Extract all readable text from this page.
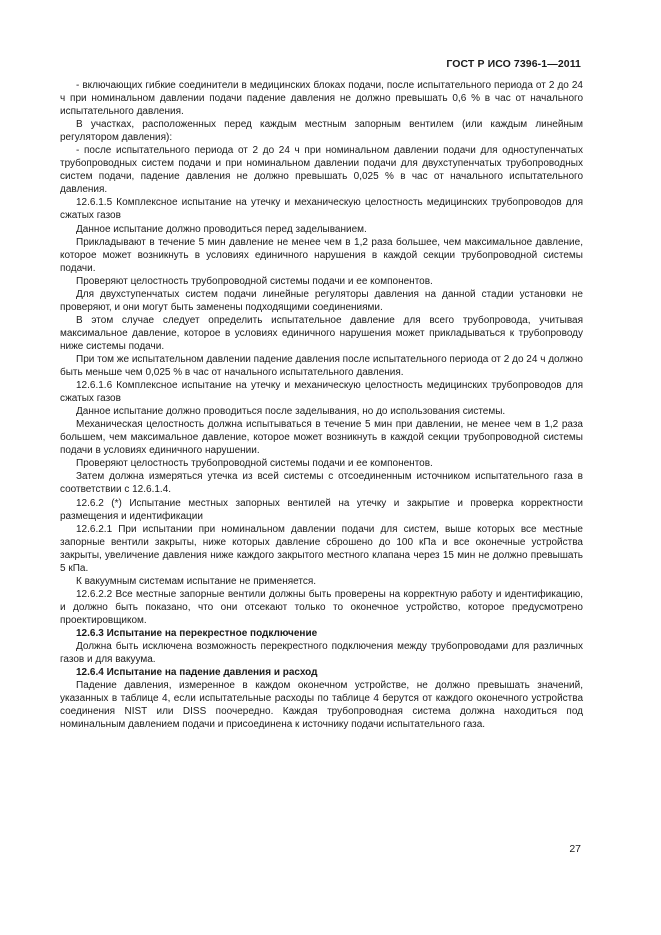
ГОСТ Р ИСО 7396-1—2011

- включающих гибкие соединители в медицинских блоках подачи, после испытательного периода от 2 до 24 ч при номинальном давлении подачи падение давления не должно превышать 0,6 % в час от начального испытательного давления.

В участках, расположенных перед каждым местным запорным вентилем (или каждым линейным регулятором давления):

- после испытательного периода от 2 до 24 ч при номинальном давлении подачи для одноступенчатых трубопроводных систем подачи и при номинальном давлении подачи для двухступенчатых трубопроводных систем подачи, падение давления не должно превышать 0,025 % в час от начального испытательного давления.

12.6.1.5 Комплексное испытание на утечку и механическую целостность медицинских трубопроводов для сжатых газов

Данное испытание должно проводиться перед заделыванием.

Прикладывают в течение 5 мин давление не менее чем в 1,2 раза большее, чем максимальное давление, которое может возникнуть в условиях единичного нарушения в каждой секции трубопроводной системы подачи.

Проверяют целостность трубопроводной системы подачи и ее компонентов.

Для двухступенчатых систем подачи линейные регуляторы давления на данной стадии установки не проверяют, и они могут быть заменены подходящими соединениями.

В этом случае следует определить испытательное давление для всего трубопровода, учитывая максимальное давление, которое в условиях единичного нарушения может прикладываться к трубопроводу ниже системы подачи.

При том же испытательном давлении падение давления после испытательного периода от 2 до 24 ч должно быть меньше чем 0,025 % в час от начального испытательного давления.

12.6.1.6 Комплексное испытание на утечку и механическую целостность медицинских трубопроводов для сжатых газов

Данное испытание должно проводиться после заделывания, но до использования системы.

Механическая целостность должна испытываться в течение 5 мин при давлении, не менее чем в 1,2 раза большем, чем максимальное давление, которое может возникнуть в каждой секции трубопроводной системы подачи в условиях единичного нарушении.

Проверяют целостность трубопроводной системы подачи и ее компонентов.

Затем должна измеряться утечка из всей системы с отсоединенным источником испытательного газа в соответствии с 12.6.1.4.

12.6.2 (*) Испытание местных запорных вентилей на утечку и закрытие и проверка корректности размещения и идентификации

12.6.2.1 При испытании при номинальном давлении подачи для систем, выше которых все местные запорные вентили закрыты, ниже которых давление сброшено до 100 кПа и все оконечные устройства закрыты, увеличение давления ниже каждого закрытого местного клапана через 15 мин не должно превышать 5 кПа.

К вакуумным системам испытание не применяется.

12.6.2.2 Все местные запорные вентили должны быть проверены на корректную работу и идентификацию, и должно быть показано, что они отсекают только то оконечное устройство, которое предусмотрено проектировщиком.

12.6.3 Испытание на перекрестное подключение

Должна быть исключена возможность перекрестного подключения между трубопроводами для различных газов и для вакуума.

12.6.4 Испытание на падение давления и расход

Падение давления, измеренное в каждом оконечном устройстве, не должно превышать значений, указанных в таблице 4, если испытательные расходы по таблице 4 берутся от каждого оконечного устройства соединения NIST или DISS поочередно. Каждая трубопроводная система должна находиться под номинальным давлением подачи и присоединена к источнику подачи испытательного газа.

27
